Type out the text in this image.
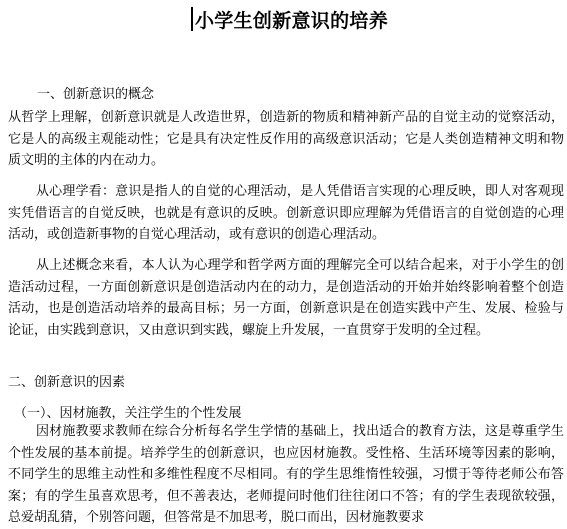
小学生创新意识的培养
一、创新意识的概念
从哲学上理解，创新意识就是人改造世界，创造新的物质和精神新产品的自觉主动的觉察活动，它是人的高级主观能动性；它是具有决定性反作用的高级意识活动；它是人类创造精神文明和物质文明的主体的内在动力。
从心理学看：意识是指人的自觉的心理活动，是人凭借语言实现的心理反映，即人对客观现实凭借语言的自觉反映，也就是有意识的反映。创新意识即应理解为凭借语言的自觉创造的心理活动，或创造新事物的自觉心理活动，或有意识的创造心理活动。
从上述概念来看，本人认为心理学和哲学两方面的理解完全可以结合起来，对于小学生的创造活动过程，一方面创新意识是创造活动内在的动力，是创造活动的开始并始终影响着整个创造活动，也是创造活动培养的最高目标；另一方面，创新意识是在创造实践中产生、发展、检验与论证，由实践到意识，又由意识到实践，螺旋上升发展，一直贯穿于发明的全过程。
二、创新意识的因素
（一）、因材施教，关注学生的个性发展
因材施教要求教师在综合分析每名学生学情的基础上，找出适合的教育方法，这是尊重学生个性发展的基本前提。培养学生的创新意识，也应因材施教。受性格、生活环境等因素的影响，不同学生的思维主动性和多维性程度不尽相同。有的学生思维惰性较强，习惯于等待老师公布答案；有的学生虽喜欢思考，但不善表达，老师提问时他们往往闭口不答；有的学生表现欲较强，总爱胡乱猜，个别答问题，但答常是不加思考，脱口而出，因材施教要求
